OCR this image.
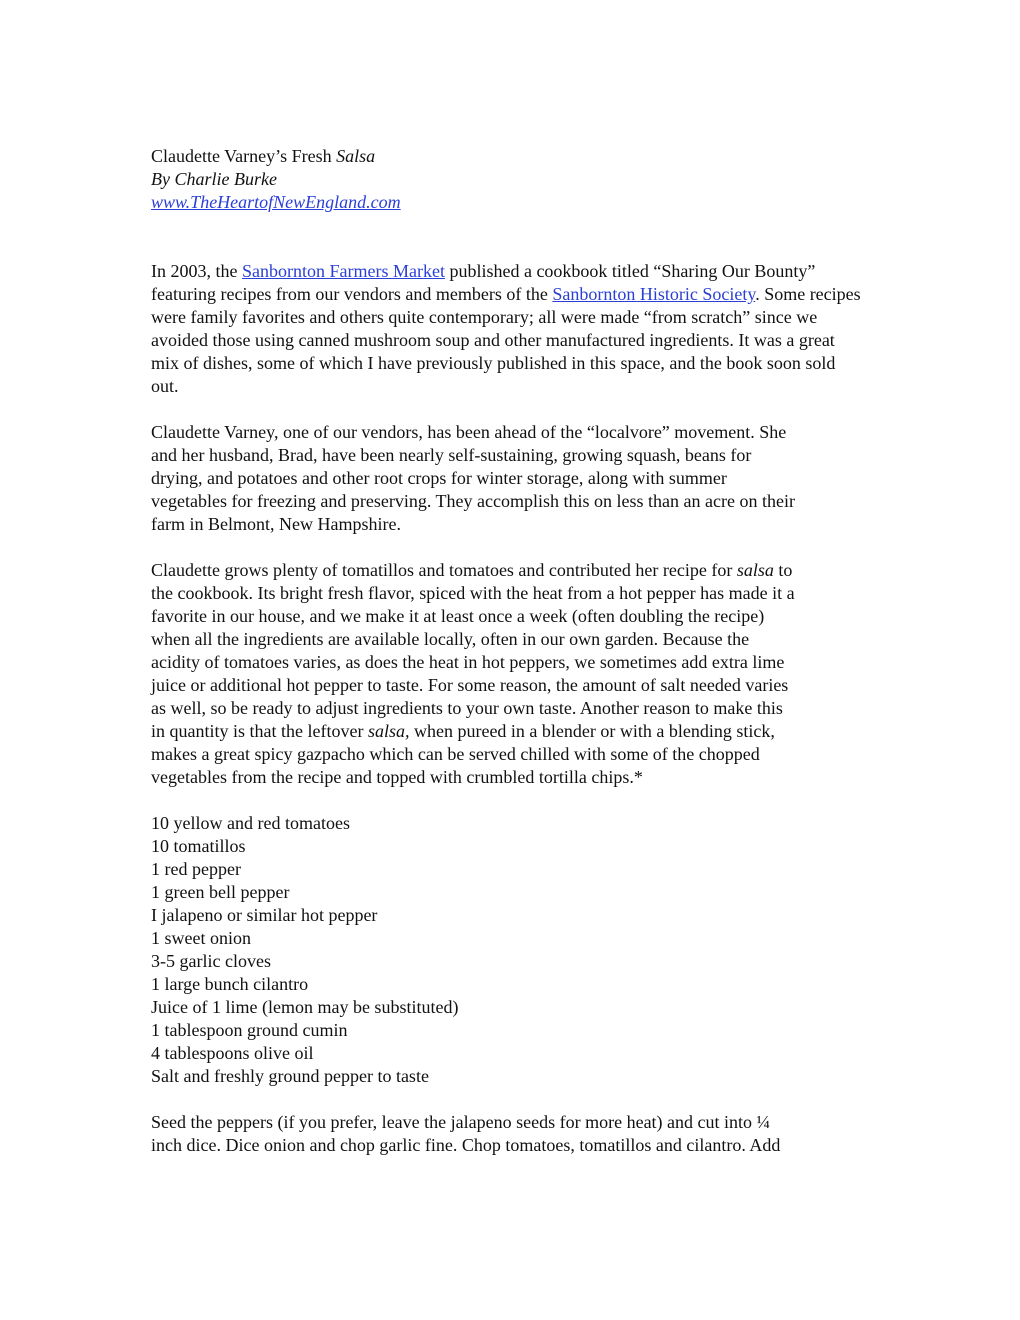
Claudette Varney’s Fresh Salsa
By Charlie Burke
www.TheHeartofNewEngland.com
In 2003, the Sanbornton Farmers Market published a cookbook titled “Sharing Our Bounty”
featuring recipes from our vendors and members of the Sanbornton Historic Society. Some recipes
were family favorites and others quite contemporary; all were made “from scratch” since we
avoided those using canned mushroom soup and other manufactured ingredients. It was a great
mix of dishes, some of which I have previously published in this space, and the book soon sold
out.
Claudette Varney, one of our vendors, has been ahead of the “localvore” movement. She
and her husband, Brad, have been nearly self-sustaining, growing squash, beans for
drying, and potatoes and other root crops for winter storage, along with summer
vegetables for freezing and preserving. They accomplish this on less than an acre on their
farm in Belmont, New Hampshire.
Claudette grows plenty of tomatillos and tomatoes and contributed her recipe for salsa to
the cookbook. Its bright fresh flavor, spiced with the heat from a hot pepper has made it a
favorite in our house, and we make it at least once a week (often doubling the recipe)
when all the ingredients are available locally, often in our own garden. Because the
acidity of tomatoes varies, as does the heat in hot peppers, we sometimes add extra lime
juice or additional hot pepper to taste. For some reason, the amount of salt needed varies
as well, so be ready to adjust ingredients to your own taste. Another reason to make this
in quantity is that the leftover salsa, when pureed in a blender or with a blending stick,
makes a great spicy gazpacho which can be served chilled with some of the chopped
vegetables from the recipe and topped with crumbled tortilla chips.*
10 yellow and red tomatoes
10 tomatillos
1 red pepper
1 green bell pepper
I jalapeno or similar hot pepper
1 sweet onion
3-5 garlic cloves
1 large bunch cilantro
Juice of 1 lime (lemon may be substituted)
1 tablespoon ground cumin
4 tablespoons olive oil
Salt and freshly ground pepper to taste
Seed the peppers (if you prefer, leave the jalapeno seeds for more heat) and cut into ¼
inch dice. Dice onion and chop garlic fine. Chop tomatoes, tomatillos and cilantro. Add
